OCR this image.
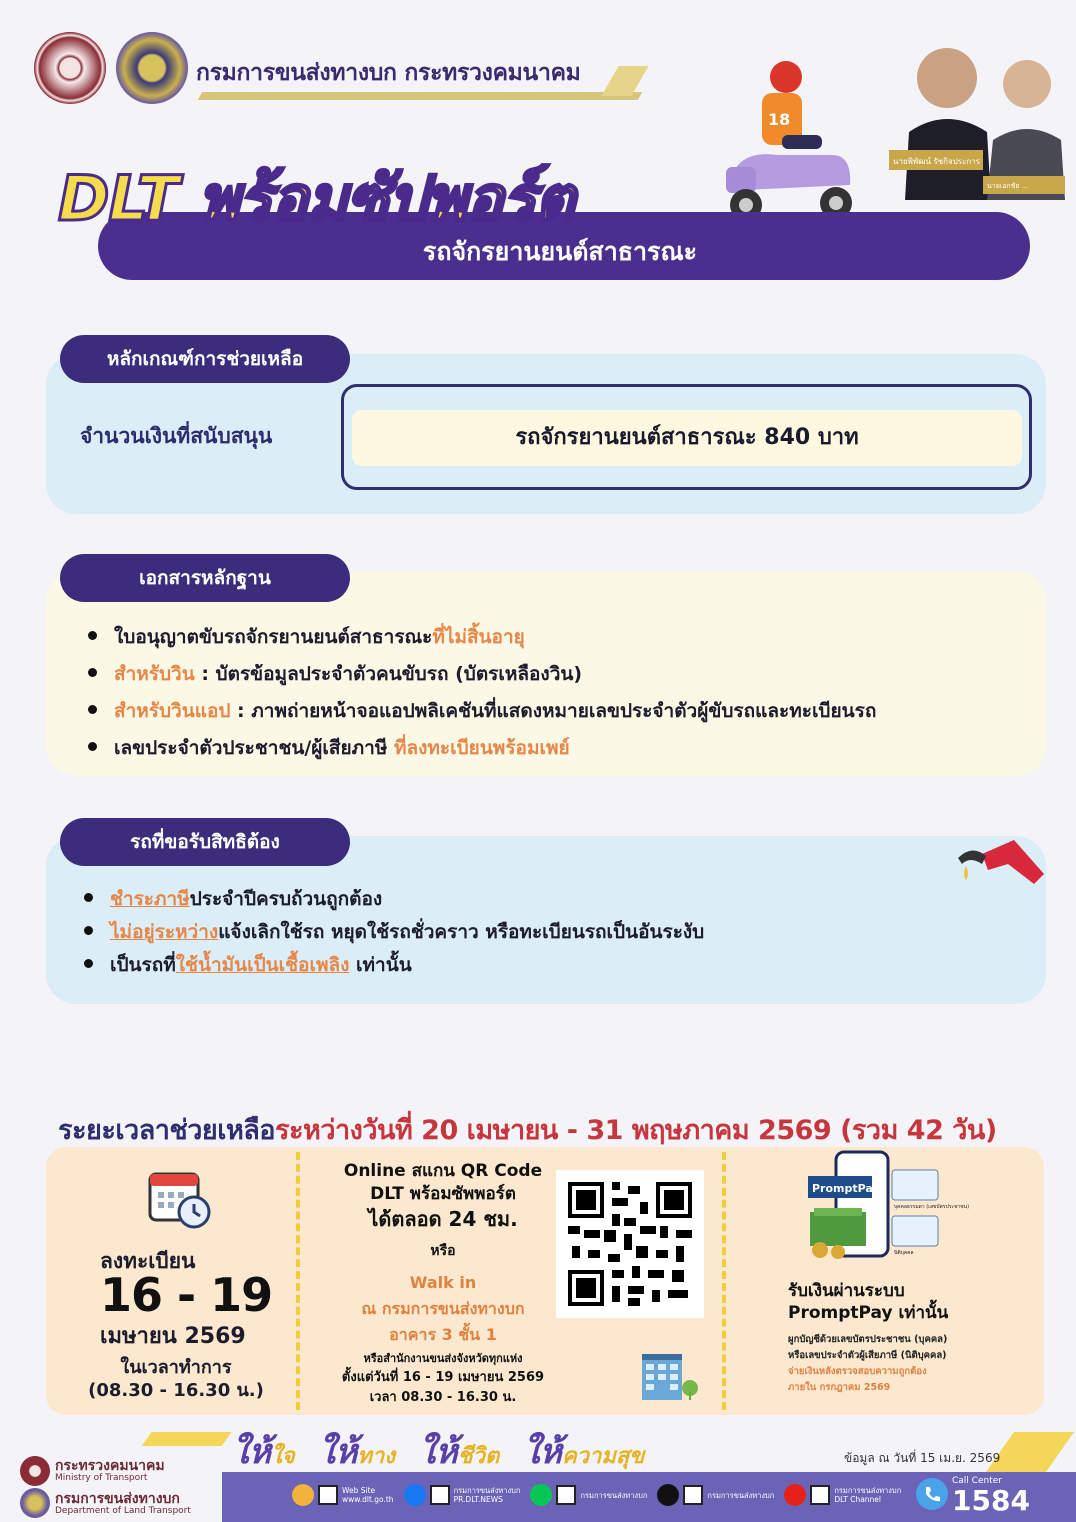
กรมการขนส่งทางบก กระทรวงคมนาคม
18
นายพิพัฒน์ รัชกิจประการ
นายเอกชัย ...
DLT พร้อมซัปพอร์ต
รถจักรยานยนต์สาธารณะ
หลักเกณฑ์การช่วยเหลือ
จำนวนเงินที่สนับสนุน	รถจักรยานยนต์สาธารณะ 840 บาท
เอกสารหลักฐาน
ใบอนุญาตขับรถจักรยานยนต์สาธารณะที่ไม่สิ้นอายุ
สำหรับวิน : บัตรข้อมูลประจำตัวคนขับรถ (บัตรเหลืองวิน)
สำหรับวินแอป : ภาพถ่ายหน้าจอแอปพลิเคชันที่แสดงหมายเลขประจำตัวผู้ขับรถและทะเบียนรถ
เลขประจำตัวประชาชน/ผู้เสียภาษี ที่ลงทะเบียนพร้อมเพย์
รถที่ขอรับสิทธิต้อง
ชำระภาษีประจำปีครบถ้วนถูกต้อง
ไม่อยู่ระหว่างแจ้งเลิกใช้รถ หยุดใช้รถชั่วคราว หรือทะเบียนรถเป็นอันระงับ
เป็นรถที่ใช้น้ำมันเป็นเชื้อเพลิง เท่านั้น
ระยะเวลาช่วยเหลือระหว่างวันที่ 20 เมษายน - 31 พฤษภาคม 2569 (รวม 42 วัน)
ลงทะเบียน
16 - 19
เมษายน 2569
ในเวลาทำการ
(08.30 - 16.30 น.)
Online สแกน QR Code
DLT พร้อมซัพพอร์ต
ได้ตลอด 24 ชม.
หรือ
Walk in
ณ กรมการขนส่งทางบก
อาคาร 3 ชั้น 1
หรือสำนักงานขนส่งจังหวัดทุกแห่ง
ตั้งแต่วันที่ 16 - 19 เมษายน 2569
เวลา 08.30 - 16.30 น.
PromptPay
บุคคลธรรมดา (เลขบัตรประชาชน)
นิติบุคคล
รับเงินผ่านระบบ
PromptPay เท่านั้น
ผูกบัญชีด้วยเลขบัตรประชาชน (บุคคล)
หรือเลขประจำตัวผู้เสียภาษี (นิติบุคคล)
จ่ายเงินหลังตรวจสอบความถูกต้อง
ภายใน กรกฎาคม 2569
กระทรวงคมนาคม
Ministry of Transport
กรมการขนส่งทางบก
Department of Land Transport
ให้ใจ ให้ทาง ให้ชีวิต ให้ความสุข	ข้อมูล ณ วันที่ 15 เม.ย. 2569
Web Site
www.dlt.go.th
กรมการขนส่งทางบก
PR.DLT.NEWS	กรมการขนส่งทางบก	กรมการขนส่งทางบก	กรมการขนส่งทางบก
DLT Channel
Call Center
1584
